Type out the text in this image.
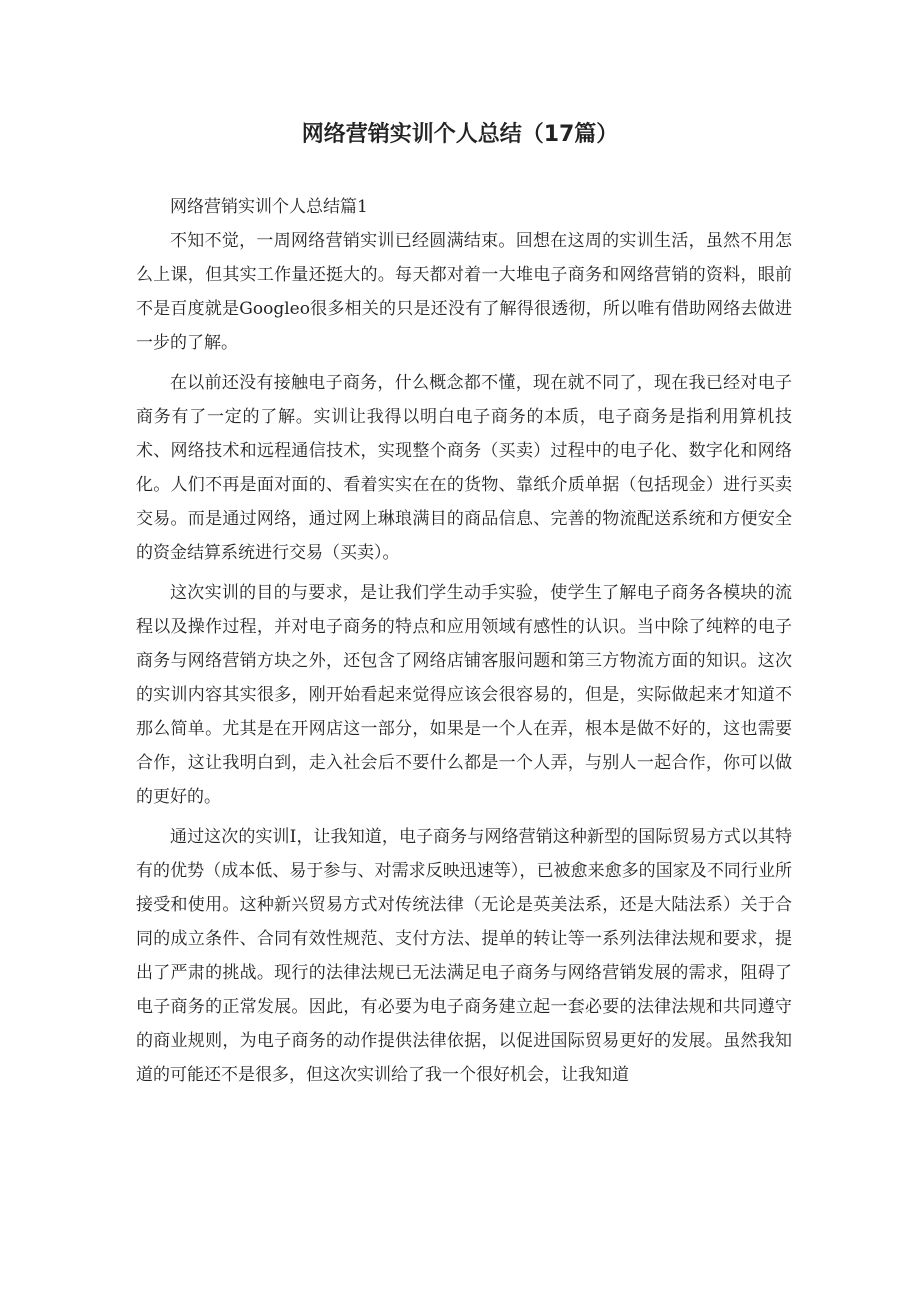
网络营销实训个人总结（17篇）

网络营销实训个人总结篇1

不知不觉，一周网络营销实训已经圆满结束。回想在这周的实训生活，虽然不用怎么上课，但其实工作量还挺大的。每天都对着一大堆电子商务和网络营销的资料，眼前不是百度就是Googleo很多相关的只是还没有了解得很透彻，所以唯有借助网络去做进一步的了解。

在以前还没有接触电子商务，什么概念都不懂，现在就不同了，现在我已经对电子商务有了一定的了解。实训让我得以明白电子商务的本质，电子商务是指利用算机技术、网络技术和远程通信技术，实现整个商务（买卖）过程中的电子化、数字化和网络化。人们不再是面对面的、看着实实在在的货物、靠纸介质单据（包括现金）进行买卖交易。而是通过网络，通过网上琳琅满目的商品信息、完善的物流配送系统和方便安全的资金结算系统进行交易（买卖）。

这次实训的目的与要求，是让我们学生动手实验，使学生了解电子商务各模块的流程以及操作过程，并对电子商务的特点和应用领域有感性的认识。当中除了纯粹的电子商务与网络营销方块之外，还包含了网络店铺客服问题和第三方物流方面的知识。这次的实训内容其实很多，刚开始看起来觉得应该会很容易的，但是，实际做起来才知道不那么简单。尤其是在开网店这一部分，如果是一个人在弄，根本是做不好的，这也需要合作，这让我明白到，走入社会后不要什么都是一个人弄，与别人一起合作，你可以做的更好的。

通过这次的实训I，让我知道，电子商务与网络营销这种新型的国际贸易方式以其特有的优势（成本低、易于参与、对需求反映迅速等），已被愈来愈多的国家及不同行业所接受和使用。这种新兴贸易方式对传统法律（无论是英美法系，还是大陆法系）关于合同的成立条件、合同有效性规范、支付方法、提单的转让等一系列法律法规和要求，提出了严肃的挑战。现行的法律法规已无法满足电子商务与网络营销发展的需求，阻碍了电子商务的正常发展。因此，有必要为电子商务建立起一套必要的法律法规和共同遵守的商业规则，为电子商务的动作提供法律依据，以促进国际贸易更好的发展。虽然我知道的可能还不是很多，但这次实训给了我一个很好机会，让我知道
